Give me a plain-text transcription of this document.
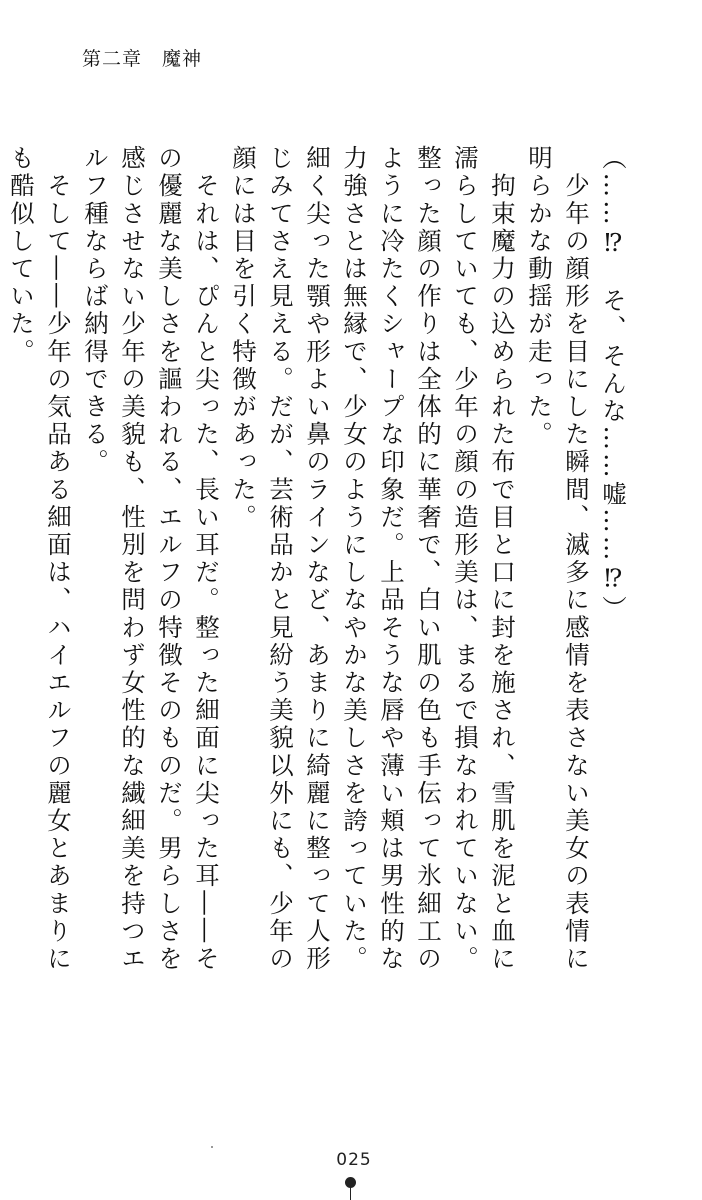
第二章　魔神

（……⁉　そ、そんな……嘘……⁉）

　少年の顔形を目にした瞬間、滅多に感情を表さない美女の表情に明らかな動揺が走った。

　拘束魔力の込められた布で目と口に封を施され、雪肌を泥と血に濡らしていても、少年の顔の造形美は、まるで損なわれていない。整った顔の作りは全体的に華奢で、白い肌の色も手伝って氷細工のように冷たくシャープな印象だ。上品そうな唇や薄い頬は男性的な力強さとは無縁で、少女のようにしなやかな美しさを誇っていた。細く尖った顎や形よい鼻のラインなど、あまりに綺麗に整って人形じみてさえ見える。だが、芸術品かと見紛う美貌以外にも、少年の顔には目を引く特徴があった。

　それは、ぴんと尖った、長い耳だ。整った細面に尖った耳――その優麗な美しさを謳われる、エルフの特徴そのものだ。男らしさを感じさせない少年の美貌も、性別を問わず女性的な繊細美を持つエルフ種ならば納得できる。

　そして――少年の気品ある細面は、ハイエルフの麗女とあまりにも酷似していた。

025
